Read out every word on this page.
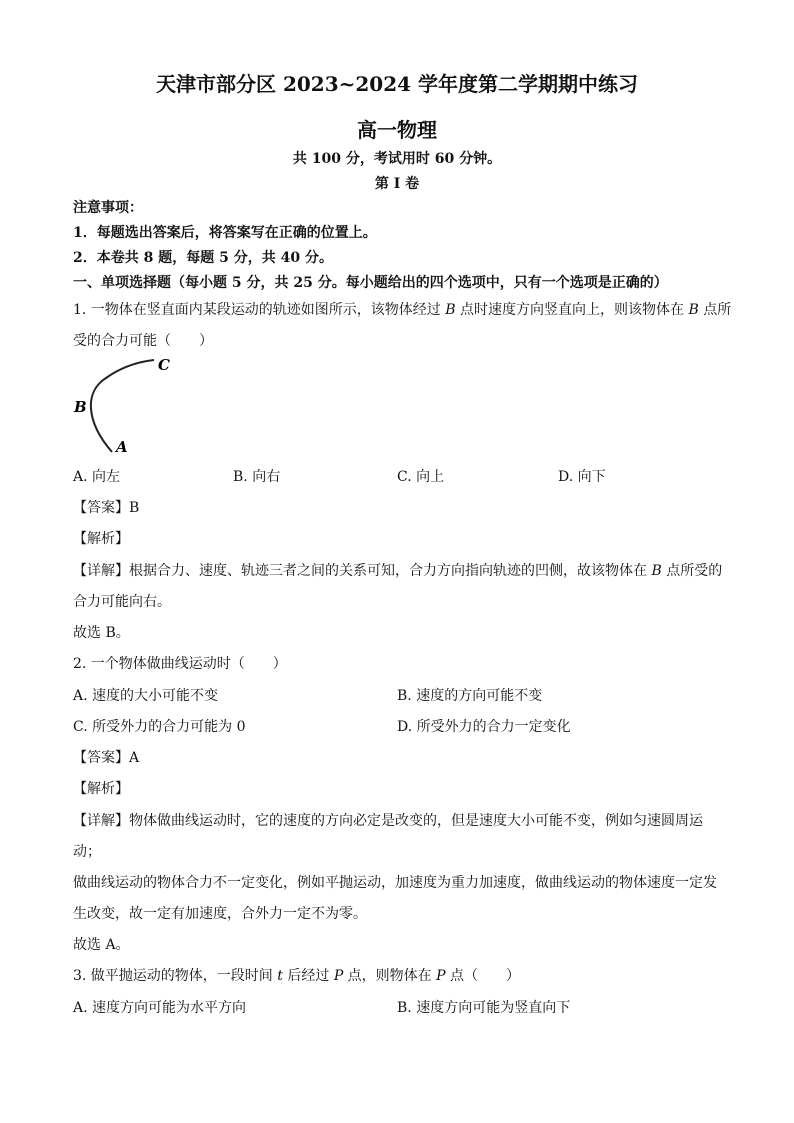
天津市部分区 2023~2024 学年度第二学期期中练习
高一物理
共 100 分，考试用时 60 分钟。
第 I 卷
注意事项：
1．每题选出答案后，将答案写在正确的位置上。
2．本卷共 8 题，每题 5 分，共 40 分。
一、单项选择题（每小题 5 分，共 25 分。每小题给出的四个选项中，只有一个选项是正确的）
1. 一物体在竖直面内某段运动的轨迹如图所示，该物体经过 B 点时速度方向竖直向上，则该物体在 B 点所
受的合力可能（　　）
C
B
A
A. 向左	B. 向右	C. 向上	D. 向下
【答案】B
【解析】
【详解】根据合力、速度、轨迹三者之间的关系可知，合力方向指向轨迹的凹侧，故该物体在 B 点所受的
合力可能向右。
故选 B。
2. 一个物体做曲线运动时（　　）
A. 速度的大小可能不变	B. 速度的方向可能不变
C. 所受外力的合力可能为 0	D. 所受外力的合力一定变化
【答案】A
【解析】
【详解】物体做曲线运动时，它的速度的方向必定是改变的，但是速度大小可能不变，例如匀速圆周运
动；
做曲线运动的物体合力不一定变化，例如平抛运动，加速度为重力加速度，做曲线运动的物体速度一定发
生改变，故一定有加速度，合外力一定不为零。
故选 A。
3. 做平抛运动的物体，一段时间 t 后经过 P 点，则物体在 P 点（　　）
A. 速度方向可能为水平方向	B. 速度方向可能为竖直向下
